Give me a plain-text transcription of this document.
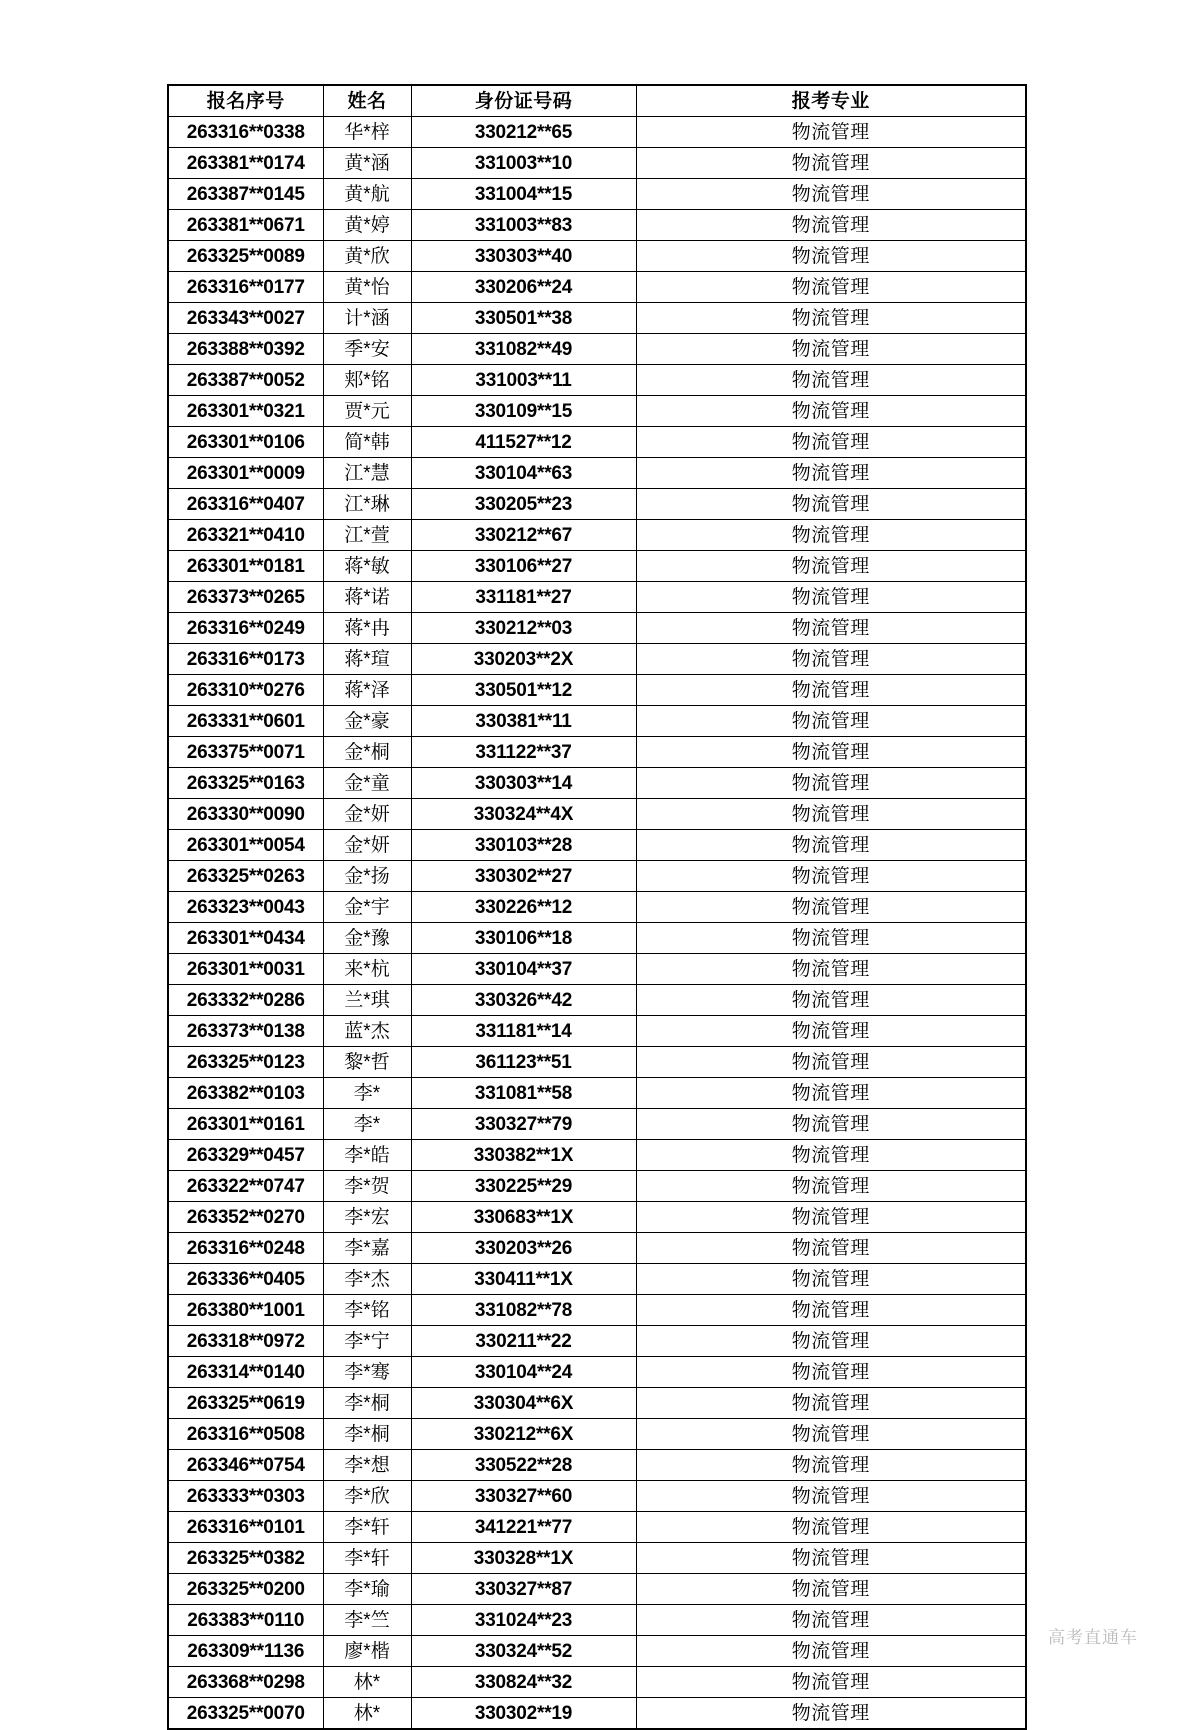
报名序号	姓名	身份证号码	报考专业
263316**0338	华*梓	330212**65	物流管理
263381**0174	黄*涵	331003**10	物流管理
263387**0145	黄*航	331004**15	物流管理
263381**0671	黄*婷	331003**83	物流管理
263325**0089	黄*欣	330303**40	物流管理
263316**0177	黄*怡	330206**24	物流管理
263343**0027	计*涵	330501**38	物流管理
263388**0392	季*安	331082**49	物流管理
263387**0052	郏*铭	331003**11	物流管理
263301**0321	贾*元	330109**15	物流管理
263301**0106	简*韩	411527**12	物流管理
263301**0009	江*慧	330104**63	物流管理
263316**0407	江*琳	330205**23	物流管理
263321**0410	江*萱	330212**67	物流管理
263301**0181	蒋*敏	330106**27	物流管理
263373**0265	蒋*诺	331181**27	物流管理
263316**0249	蒋*冉	330212**03	物流管理
263316**0173	蒋*瑄	330203**2X	物流管理
263310**0276	蒋*泽	330501**12	物流管理
263331**0601	金*豪	330381**11	物流管理
263375**0071	金*桐	331122**37	物流管理
263325**0163	金*童	330303**14	物流管理
263330**0090	金*妍	330324**4X	物流管理
263301**0054	金*妍	330103**28	物流管理
263325**0263	金*扬	330302**27	物流管理
263323**0043	金*宇	330226**12	物流管理
263301**0434	金*豫	330106**18	物流管理
263301**0031	来*杭	330104**37	物流管理
263332**0286	兰*琪	330326**42	物流管理
263373**0138	蓝*杰	331181**14	物流管理
263325**0123	黎*哲	361123**51	物流管理
263382**0103	李*	331081**58	物流管理
263301**0161	李*	330327**79	物流管理
263329**0457	李*皓	330382**1X	物流管理
263322**0747	李*贺	330225**29	物流管理
263352**0270	李*宏	330683**1X	物流管理
263316**0248	李*嘉	330203**26	物流管理
263336**0405	李*杰	330411**1X	物流管理
263380**1001	李*铭	331082**78	物流管理
263318**0972	李*宁	330211**22	物流管理
263314**0140	李*骞	330104**24	物流管理
263325**0619	李*桐	330304**6X	物流管理
263316**0508	李*桐	330212**6X	物流管理
263346**0754	李*想	330522**28	物流管理
263333**0303	李*欣	330327**60	物流管理
263316**0101	李*轩	341221**77	物流管理
263325**0382	李*轩	330328**1X	物流管理
263325**0200	李*瑜	330327**87	物流管理
263383**0110	李*竺	331024**23	物流管理
263309**1136	廖*楷	330324**52	物流管理
263368**0298	林*	330824**32	物流管理
263325**0070	林*	330302**19	物流管理
高考直通车
